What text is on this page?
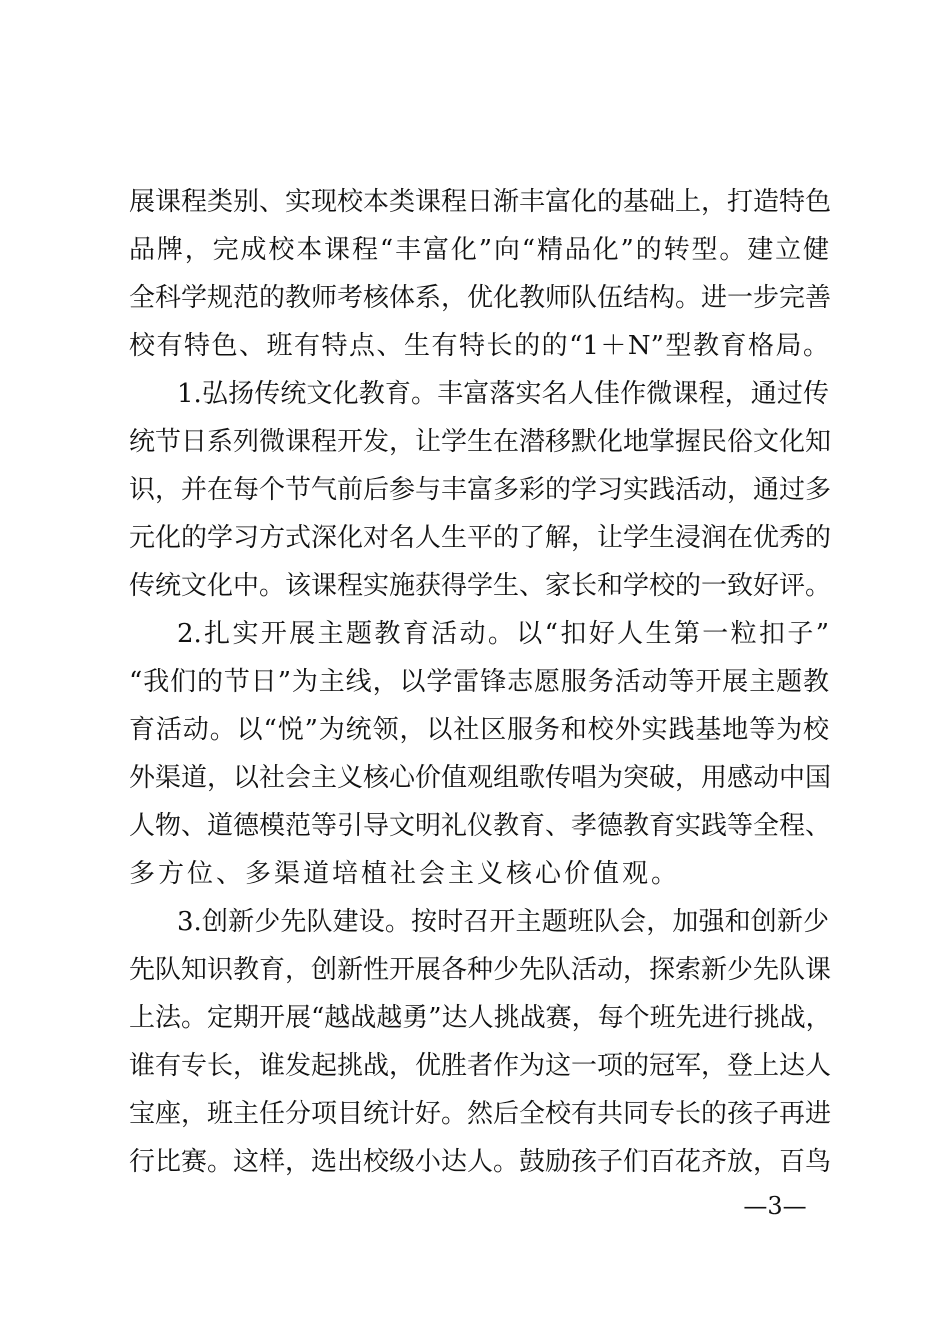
展课程类别、实现校本类课程日渐丰富化的基础上，打造特色
品牌，完成校本课程“丰富化”向“精品化”的转型。建立健
全科学规范的教师考核体系，优化教师队伍结构。进一步完善
校有特色、班有特点、生有特长的的“1＋N”型教育格局。
1.弘扬传统文化教育。丰富落实名人佳作微课程，通过传
统节日系列微课程开发，让学生在潜移默化地掌握民俗文化知
识，并在每个节气前后参与丰富多彩的学习实践活动，通过多
元化的学习方式深化对名人生平的了解，让学生浸润在优秀的
传统文化中。该课程实施获得学生、家长和学校的一致好评。
2.扎实开展主题教育活动。以“扣好人生第一粒扣子”
“我们的节日”为主线，以学雷锋志愿服务活动等开展主题教
育活动。以“悦”为统领，以社区服务和校外实践基地等为校
外渠道，以社会主义核心价值观组歌传唱为突破，用感动中国
人物、道德模范等引导文明礼仪教育、孝德教育实践等全程、
多方位、多渠道培植社会主义核心价值观。
3.创新少先队建设。按时召开主题班队会，加强和创新少
先队知识教育，创新性开展各种少先队活动，探索新少先队课
上法。定期开展“越战越勇”达人挑战赛，每个班先进行挑战，
谁有专长，谁发起挑战，优胜者作为这一项的冠军，登上达人
宝座，班主任分项目统计好。然后全校有共同专长的孩子再进
行比赛。这样，选出校级小达人。鼓励孩子们百花齐放，百鸟
—3—
